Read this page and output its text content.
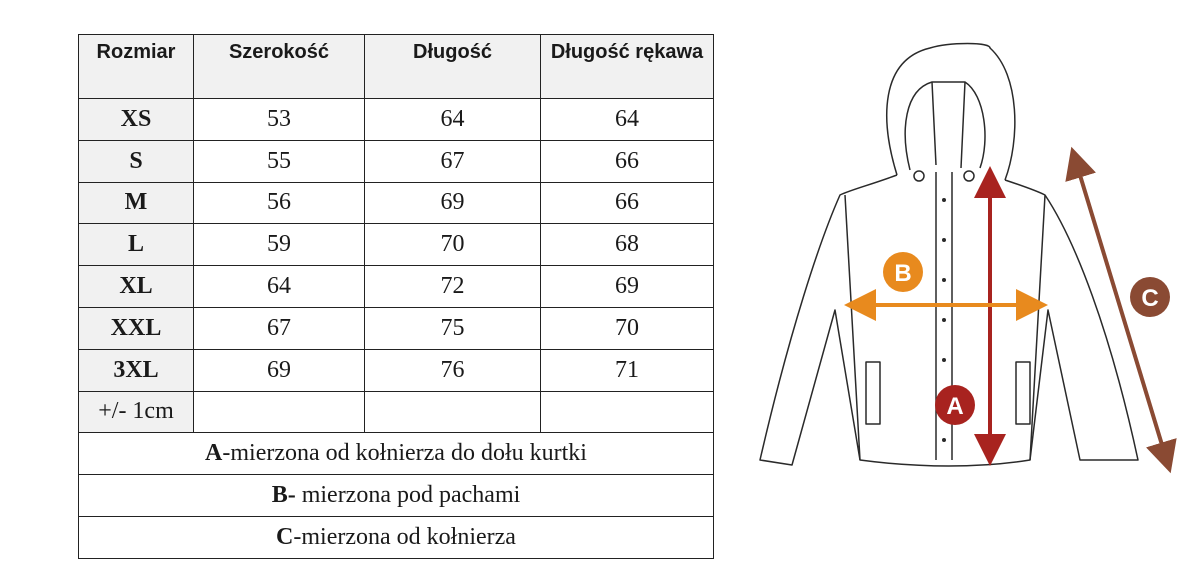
Rozmiar	Szerokość	Długość	Długość rękawa
XS	53	64	64
S	55	67	66
M	56	69	66
L	59	70	68
XL	64	72	69
XXL	67	75	70
3XL	69	76	71
+/- 1cm			
A-mierzona od kołnierza do dołu kurtki			
B- mierzona pod pachami			
C-mierzona od kołnierza			
A
B
C
